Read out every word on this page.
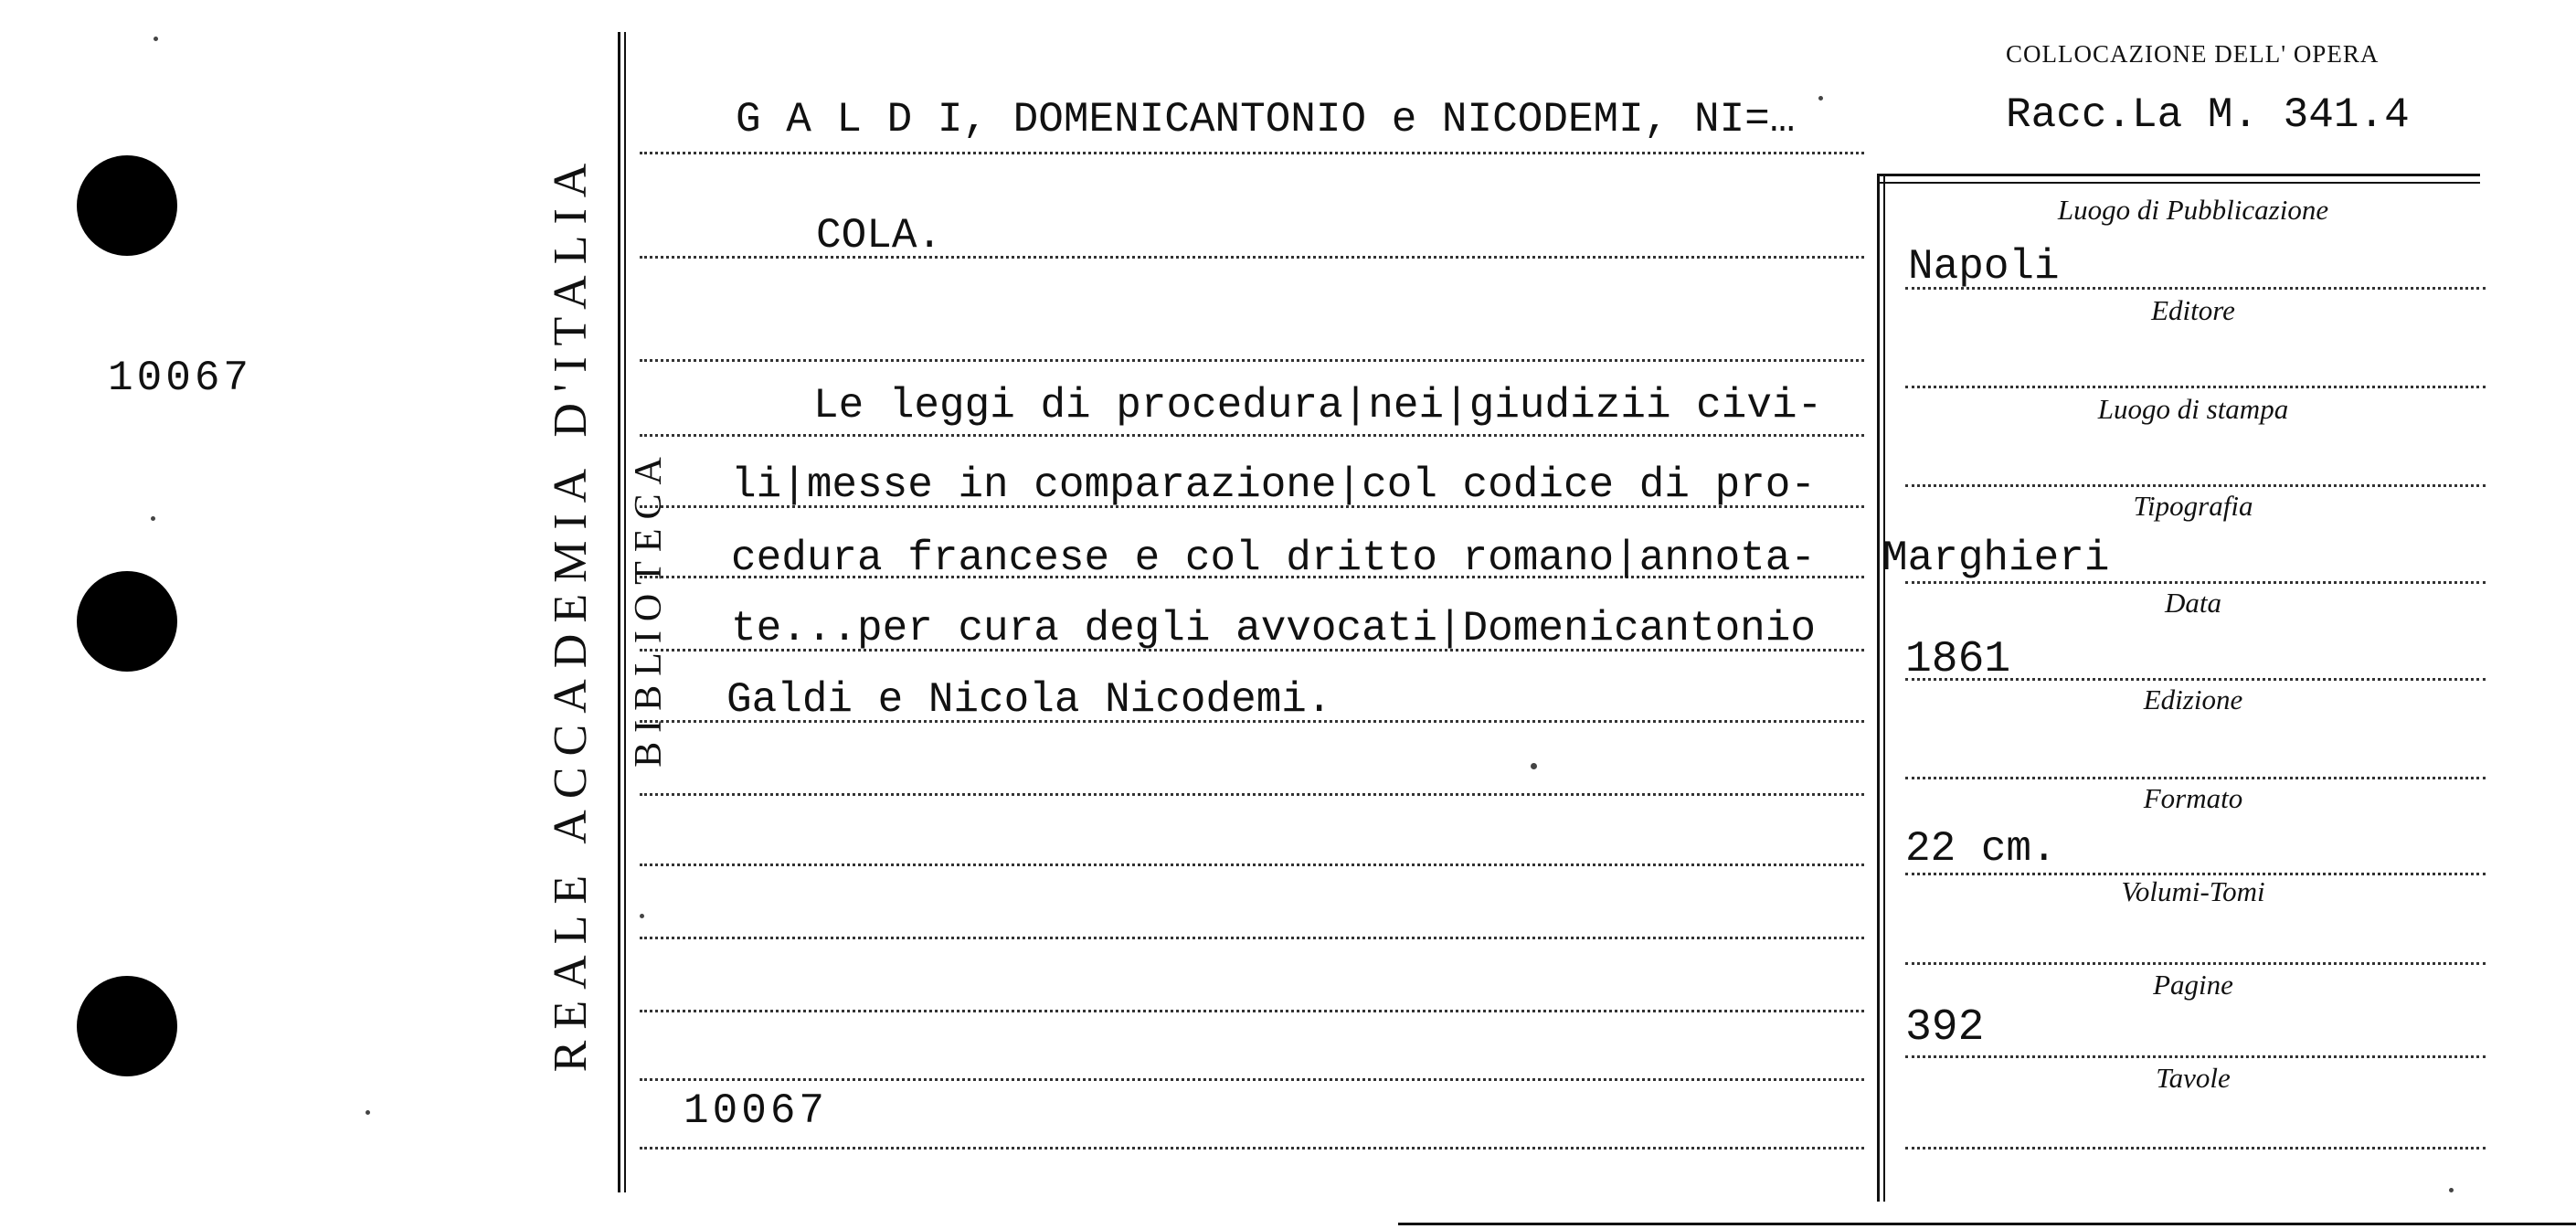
10067	REALE ACCADEMIA D'ITALIA BIBLIOTECA
COLLOCAZIONE DELL' OPERA
Racc.La M. 341.4
G A L D I, DOMENICANTONIO e NICODEMI, NI=…
COLA.
Le leggi di procedura|nei|giudizii civi-
li|messe in comparazione|col codice di pro-
cedura francese e col dritto romano|annota-
te...per cura degli avvocati|Domenicantonio
Galdi e Nicola Nicodemi.
10067
Luogo di Pubblicazione
Napoli
Editore
Luogo di stampa
Tipografia
Marghieri
Data
1861
Edizione
Formato
22 cm.
Volumi-Tomi
Pagine
392
Tavole
